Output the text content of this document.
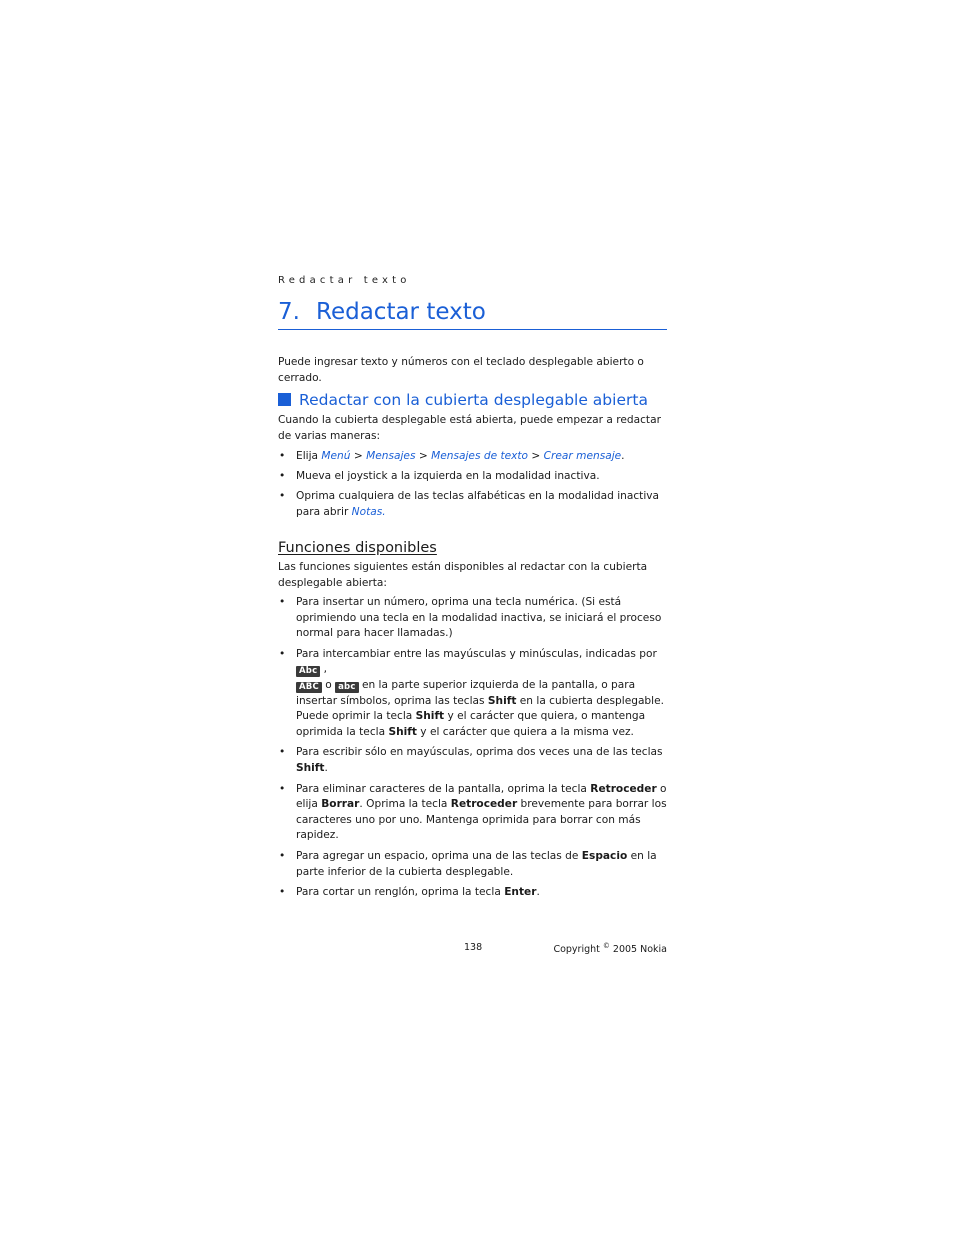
Redactar texto
7. Redactar texto

Puede ingresar texto y números con el teclado desplegable abierto o cerrado.

Redactar con la cubierta desplegable abierta

Cuando la cubierta desplegable está abierta, puede empezar a redactar de varias maneras:

• Elija Menú > Mensajes > Mensajes de texto > Crear mensaje.
• Mueva el joystick a la izquierda en la modalidad inactiva.
• Oprima cualquiera de las teclas alfabéticas en la modalidad inactiva para abrir Notas.
Funciones disponibles

Las funciones siguientes están disponibles al redactar con la cubierta desplegable abierta:

• Para insertar un número, oprima una tecla numérica. (Si está oprimiendo una tecla en la modalidad inactiva, se iniciará el proceso normal para hacer llamadas.)
• Para intercambiar entre las mayúsculas y minúsculas, indicadas por Abc ,
ABC o abc en la parte superior izquierda de la pantalla, o para insertar símbolos, oprima las teclas Shift en la cubierta desplegable. Puede oprimir la tecla Shift y el carácter que quiera, o mantenga oprimida la tecla Shift y el carácter que quiera a la misma vez.
• Para escribir sólo en mayúsculas, oprima dos veces una de las teclas Shift.
• Para eliminar caracteres de la pantalla, oprima la tecla Retroceder o elija Borrar. Oprima la tecla Retroceder brevemente para borrar los caracteres uno por uno. Mantenga oprimida para borrar con más rapidez.
• Para agregar un espacio, oprima una de las teclas de Espacio en la parte inferior de la cubierta desplegable.
• Para cortar un renglón, oprima la tecla Enter.
138	Copyright © 2005 Nokia
